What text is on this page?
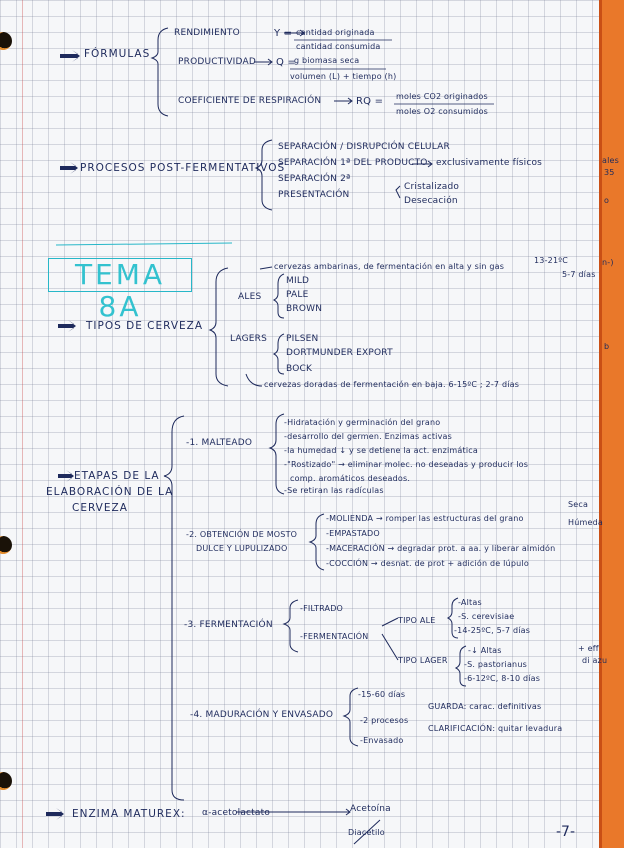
FÓRMULAS
RENDIMIENTO	Y = cantidad originada
cantidad consumida
PRODUCTIVIDAD Q =
g biomasa seca
volumen (L) + tiempo (h)
COEFICIENTE DE RESPIRACIÓN	RQ = moles CO2 originados
moles O2 consumidos
PROCESOS POST-FERMENTATIVOS
SEPARACIÓN / DISRUPCIÓN CELULAR
SEPARACIÓN 1ª DEL PRODUCTO exclusivamente físicos
SEPARACIÓN 2ª
PRESENTACIÓN
Cristalizado
Desecación
ales
35
o
n-)
b
TEMA 8A
cervezas ambarinas, de fermentación en alta y sin gas
13-21ºC
5-7 días
ALES
MILD
PALE
BROWN
TIPOS DE CERVEZA
LAGERS PILSEN
DORTMUNDER EXPORT
BOCK
cervezas doradas de fermentación en baja. 6-15ºC ; 2-7 días
ETAPAS DE LA
ELABORACIÓN DE LA
CERVEZA
-1. MALTEADO
-Hidratación y germinación del grano
-desarrollo del germen. Enzimas activas
-la humedad ↓ y se detiene la act. enzimática
-"Rostizado" → eliminar molec. no deseadas y producir los
comp. aromáticos deseados.
-Se retiran las radículas
-2. OBTENCIÓN DE MOSTO
DULCE Y LUPULIZADO
-MOLIENDA → romper las estructuras del grano
-EMPASTADO
-MACERACIÓN → degradar prot. a aa. y liberar almidón
-COCCIÓN → desnat. de prot + adición de lúpulo
Seca
Húmeda
-3. FERMENTACIÓN
-FILTRADO
-FERMENTACIÓN
TIPO ALE
-Altas
-S. cerevisiae
-14-25ºC, 5-7 días
TIPO LAGER
-↓ Altas
-S. pastorianus
-6-12ºC, 8-10 días
+ eff
di azu
-4. MADURACIÓN Y ENVASADO
-15-60 días
-2 procesos
-Envasado
GUARDA: carac. definitivas
CLARIFICACIÓN: quitar levadura
ENZIMA MATUREX: α-acetolactato	Acetoína
Diacetilo	-7-
